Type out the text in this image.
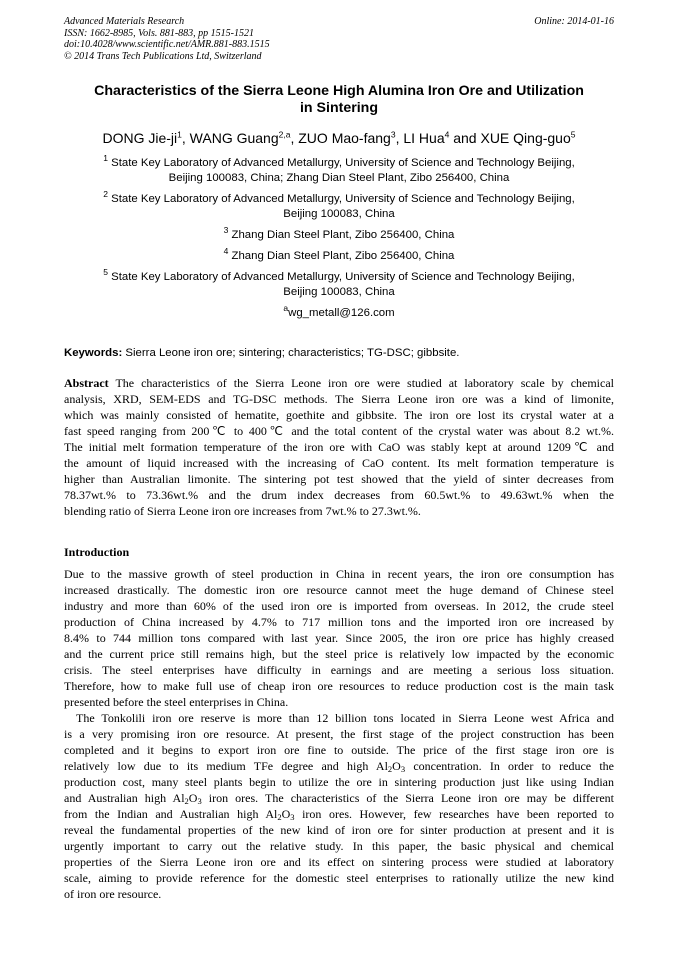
Advanced Materials Research
ISSN: 1662-8985, Vols. 881-883, pp 1515-1521
doi:10.4028/www.scientific.net/AMR.881-883.1515
© 2014 Trans Tech Publications Ltd, Switzerland
Online: 2014-01-16
Characteristics of the Sierra Leone High Alumina Iron Ore and Utilization
in Sintering
DONG Jie-$ji^1$, WANG Guang$^{2,a}$, ZUO Mao-fang$^3$, LI Hua$^4$ and XUE Qing-guo$^5$

$^1$ State Key Laboratory of Advanced Metallurgy, University of Science and Technology Beijing,
Beijing 100083, China; Zhang Dian Steel Plant, Zibo 256400, China

$^2$ State Key Laboratory of Advanced Metallurgy, University of Science and Technology Beijing,
Beijing 100083, China

$^3$ Zhang Dian Steel Plant, Zibo 256400, China

$^4$ Zhang Dian Steel Plant, Zibo 256400, China

$^5$ State Key Laboratory of Advanced Metallurgy, University of Science and Technology Beijing,
Beijing 100083, China

$^a$wg_metall@126.com

Keywords: Sierra Leone iron ore; sintering; characteristics; TG-DSC; gibbsite.
Abstract The characteristics of the Sierra Leone iron ore were studied at laboratory scale by chemical
analysis, XRD, SEM-EDS and TG-DSC methods. The Sierra Leone iron ore was a kind of limonite,
which was mainly consisted of hematite, goethite and gibbsite. The iron ore lost its crystal water at a
fast speed ranging from 200℃ to 400℃ and the total content of the crystal water was about 8.2 wt.%.
The initial melt formation temperature of the iron ore with CaO was stably kept at around 1209℃ and
the amount of liquid increased with the increasing of CaO content. Its melt formation temperature is
higher than Australian limonite. The sintering pot test showed that the yield of sinter decreases from
78.37wt.% to 73.36wt.% and the drum index decreases from 60.5wt.% to 49.63wt.% when the
blending ratio of Sierra Leone iron ore increases from 7wt.% to 27.3wt.%.
Introduction
Due to the massive growth of steel production in China in recent years, the iron ore consumption has
increased drastically. The domestic iron ore resource cannot meet the huge demand of Chinese steel
industry and more than 60% of the used iron ore is imported from overseas. In 2012, the crude steel
production of China increased by 4.7% to 717 million tons and the imported iron ore increased by
8.4% to 744 million tons compared with last year. Since 2005, the iron ore price has highly creased
and the current price still remains high, but the steel price is relatively low impacted by the economic
crisis. The steel enterprises have difficulty in earnings and are meeting a serious loss situation.
Therefore, how to make full use of cheap iron ore resources to reduce production cost is the main task
presented before the steel enterprises in China.
The Tonkolili iron ore reserve is more than 12 billion tons located in Sierra Leone west Africa and
is a very promising iron ore resource. At present, the first stage of the project construction has been
completed and it begins to export iron ore fine to outside. The price of the first stage iron ore is
relatively low due to its medium TFe degree and high $Al_2O_3$ concentration. In order to reduce the
production cost, many steel plants begin to utilize the ore in sintering production just like using Indian
and Australian high $Al_2O_3$ iron ores. The characteristics of the Sierra Leone iron ore may be different
from the Indian and Australian high $Al_2O_3$ iron ores. However, few researches have been reported to
reveal the fundamental properties of the new kind of iron ore for sinter production at present and it is
urgently important to carry out the relative study. In this paper, the basic physical and chemical
properties of the Sierra Leone iron ore and its effect on sintering process were studied at laboratory
scale, aiming to provide reference for the domestic steel enterprises to rationally utilize the new kind
of iron ore resource.
